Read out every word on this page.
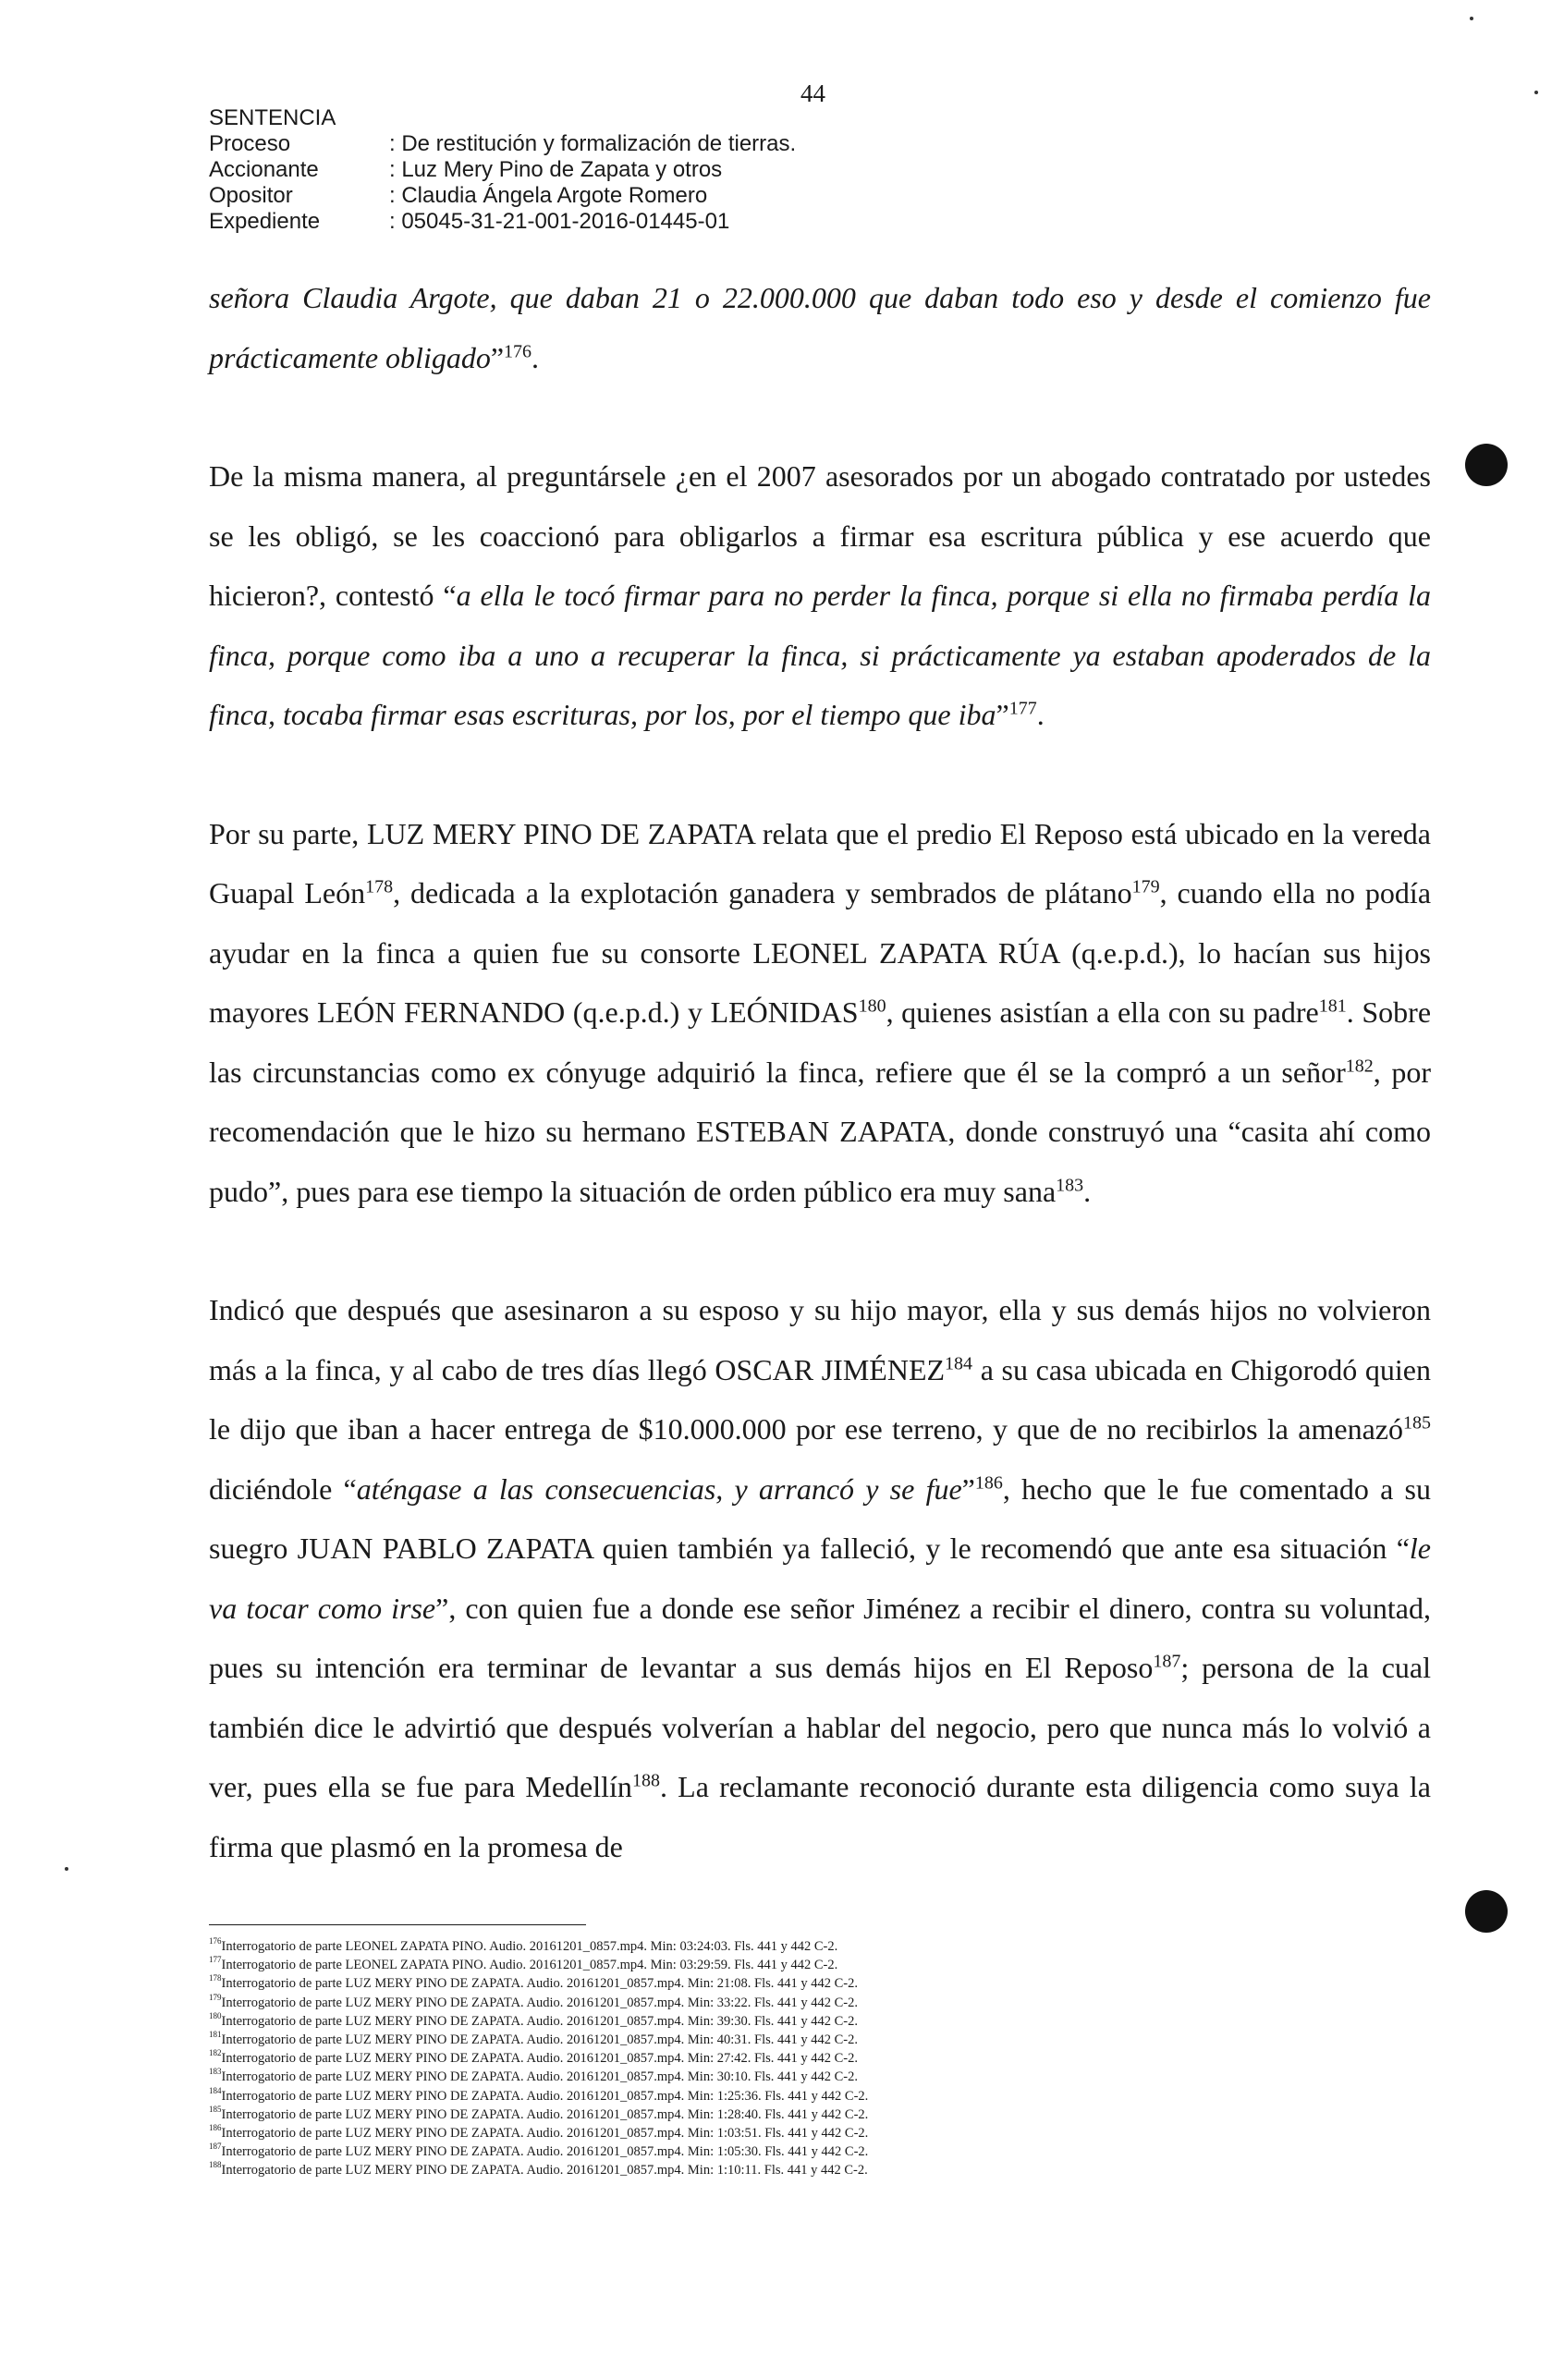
44
SENTENCIA
Proceso	: De restitución y formalización de tierras.
Accionante	: Luz Mery Pino de Zapata y otros
Opositor	: Claudia Ángela Argote Romero
Expediente	: 05045-31-21-001-2016-01445-01

señora Claudia Argote, que daban 21 o 22.000.000 que daban todo eso y desde el comienzo fue prácticamente obligado”$^{176}$.

De la misma manera, al preguntársele ¿en el 2007 asesorados por un abogado contratado por ustedes se les obligó, se les coaccionó para obligarlos a firmar esa escritura pública y ese acuerdo que hicieron?, contestó “a ella le tocó firmar para no perder la finca, porque si ella no firmaba perdía la finca, porque como iba a uno a recuperar la finca, si prácticamente ya estaban apoderados de la finca, tocaba firmar esas escrituras, por los, por el tiempo que iba”$^{177}$.

Por su parte, LUZ MERY PINO DE ZAPATA relata que el predio El Reposo está ubicado en la vereda Guapal León$^{178}$, dedicada a la explotación ganadera y sembrados de plátano$^{179}$, cuando ella no podía ayudar en la finca a quien fue su consorte LEONEL ZAPATA RÚA (q.e.p.d.), lo hacían sus hijos mayores LEÓN FERNANDO (q.e.p.d.) y LEÓNIDAS$^{180}$, quienes asistían a ella con su padre$^{181}$. Sobre las circunstancias como ex cónyuge adquirió la finca, refiere que él se la compró a un señor$^{182}$, por recomendación que le hizo su hermano ESTEBAN ZAPATA, donde construyó una “casita ahí como pudo”, pues para ese tiempo la situación de orden público era muy sana$^{183}$.

Indicó que después que asesinaron a su esposo y su hijo mayor, ella y sus demás hijos no volvieron más a la finca, y al cabo de tres días llegó OSCAR JIMÉNEZ$^{184}$ a su casa ubicada en Chigorodó quien le dijo que iban a hacer entrega de $10.000.000 por ese terreno, y que de no recibirlos la amenazó$^{185}$ diciéndole “aténgase a las consecuencias, y arrancó y se fue”$^{186}$, hecho que le fue comentado a su suegro JUAN PABLO ZAPATA quien también ya falleció, y le recomendó que ante esa situación “le va tocar como irse”, con quien fue a donde ese señor Jiménez a recibir el dinero, contra su voluntad, pues su intención era terminar de levantar a sus demás hijos en El Reposo$^{187}$; persona de la cual también dice le advirtió que después volverían a hablar del negocio, pero que nunca más lo volvió a ver, pues ella se fue para Medellín$^{188}$. La reclamante reconoció durante esta diligencia como suya la firma que plasmó en la promesa de

$^{176}$Interrogatorio de parte LEONEL ZAPATA PINO. Audio. 20161201_0857.mp4. Min: 03:24:03. Fls. 441 y 442 C-2.
$^{177}$Interrogatorio de parte LEONEL ZAPATA PINO. Audio. 20161201_0857.mp4. Min: 03:29:59. Fls. 441 y 442 C-2.
$^{178}$Interrogatorio de parte LUZ MERY PINO DE ZAPATA. Audio. 20161201_0857.mp4. Min: 21:08. Fls. 441 y 442 C-2.
$^{179}$Interrogatorio de parte LUZ MERY PINO DE ZAPATA. Audio. 20161201_0857.mp4. Min: 33:22. Fls. 441 y 442 C-2.
$^{180}$Interrogatorio de parte LUZ MERY PINO DE ZAPATA. Audio. 20161201_0857.mp4. Min: 39:30. Fls. 441 y 442 C-2.
$^{181}$Interrogatorio de parte LUZ MERY PINO DE ZAPATA. Audio. 20161201_0857.mp4. Min: 40:31. Fls. 441 y 442 C-2.
$^{182}$Interrogatorio de parte LUZ MERY PINO DE ZAPATA. Audio. 20161201_0857.mp4. Min: 27:42. Fls. 441 y 442 C-2.
$^{183}$Interrogatorio de parte LUZ MERY PINO DE ZAPATA. Audio. 20161201_0857.mp4. Min: 30:10. Fls. 441 y 442 C-2.
$^{184}$Interrogatorio de parte LUZ MERY PINO DE ZAPATA. Audio. 20161201_0857.mp4. Min: 1:25:36. Fls. 441 y 442 C-2.
$^{185}$Interrogatorio de parte LUZ MERY PINO DE ZAPATA. Audio. 20161201_0857.mp4. Min: 1:28:40. Fls. 441 y 442 C-2.
$^{186}$Interrogatorio de parte LUZ MERY PINO DE ZAPATA. Audio. 20161201_0857.mp4. Min: 1:03:51. Fls. 441 y 442 C-2.
$^{187}$Interrogatorio de parte LUZ MERY PINO DE ZAPATA. Audio. 20161201_0857.mp4. Min: 1:05:30. Fls. 441 y 442 C-2.
$^{188}$Interrogatorio de parte LUZ MERY PINO DE ZAPATA. Audio. 20161201_0857.mp4. Min: 1:10:11. Fls. 441 y 442 C-2.
